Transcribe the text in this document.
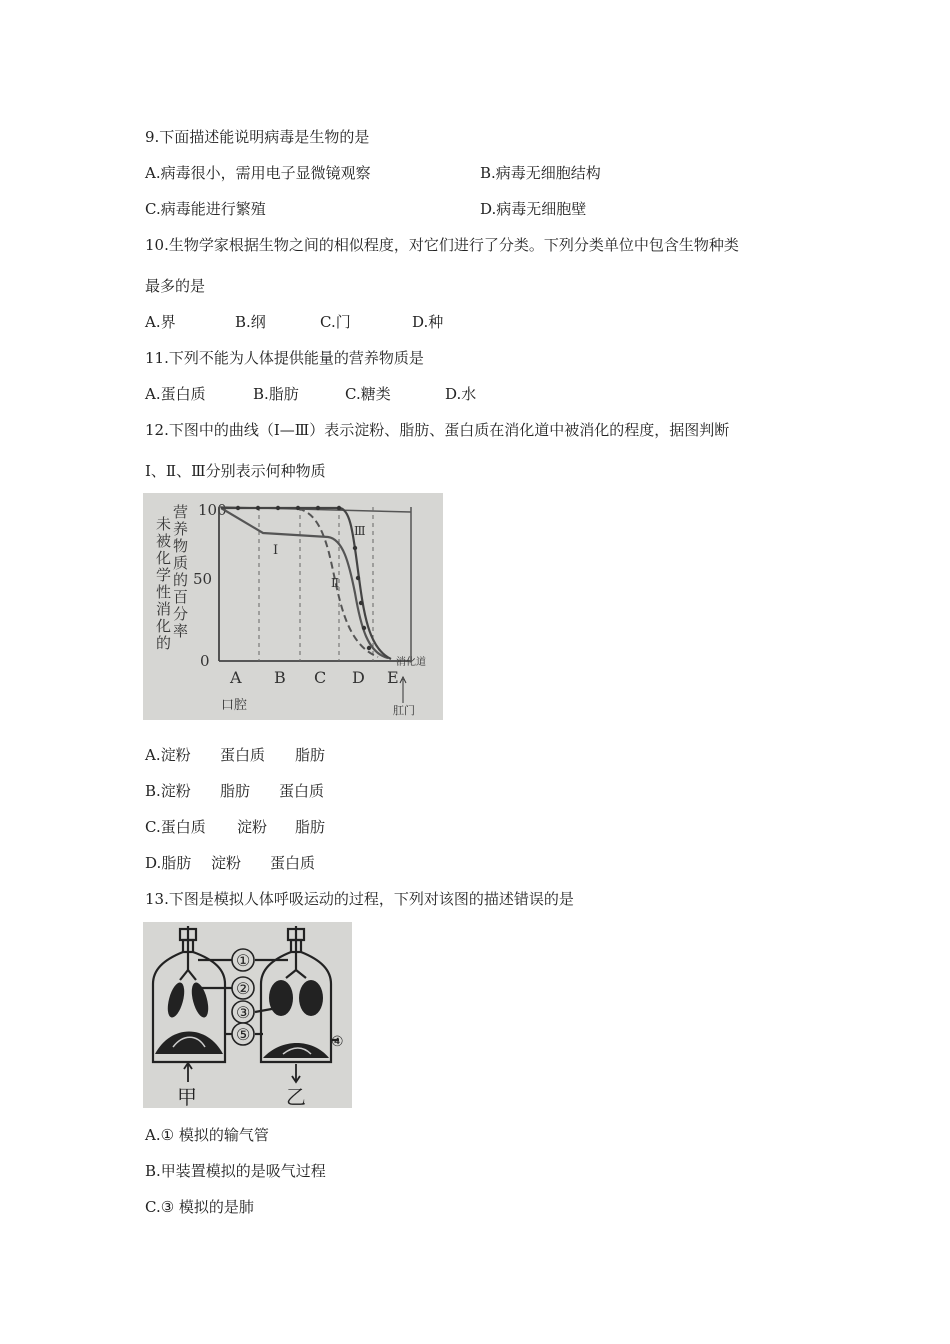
9.下面描述能说明病毒是生物的是
A.病毒很小，需用电子显微镜观察	B.病毒无细胞结构
C.病毒能进行繁殖	D.病毒无细胞壁
10.生物学家根据生物之间的相似程度，对它们进行了分类。下列分类单位中包含生物种类
最多的是
A.界	B.纲	C.门	D.种
11.下列不能为人体提供能量的营养物质是
A.蛋白质	B.脂肪	C.糖类	D.水
12.下图中的曲线（Ⅰ—Ⅲ）表示淀粉、脂肪、蛋白质在消化道中被消化的程度，据图判断
Ⅰ、Ⅱ、Ⅲ分别表示何种物质
未被化学性消化的
营养物质的百分率
100
50
0
Ⅰ
Ⅱ
Ⅲ
A B C D E
口腔
消化道
肛门
A.淀粉 蛋白质 脂肪
B.淀粉 脂肪 蛋白质
C.蛋白质 淀粉 脂肪
D.脂肪 淀粉 蛋白质
13.下图是模拟人体呼吸运动的过程，下列对该图的描述错误的是
①
②
③
⑤	④
甲	乙
A.① 模拟的输气管
B.甲装置模拟的是吸气过程
C.③ 模拟的是肺
